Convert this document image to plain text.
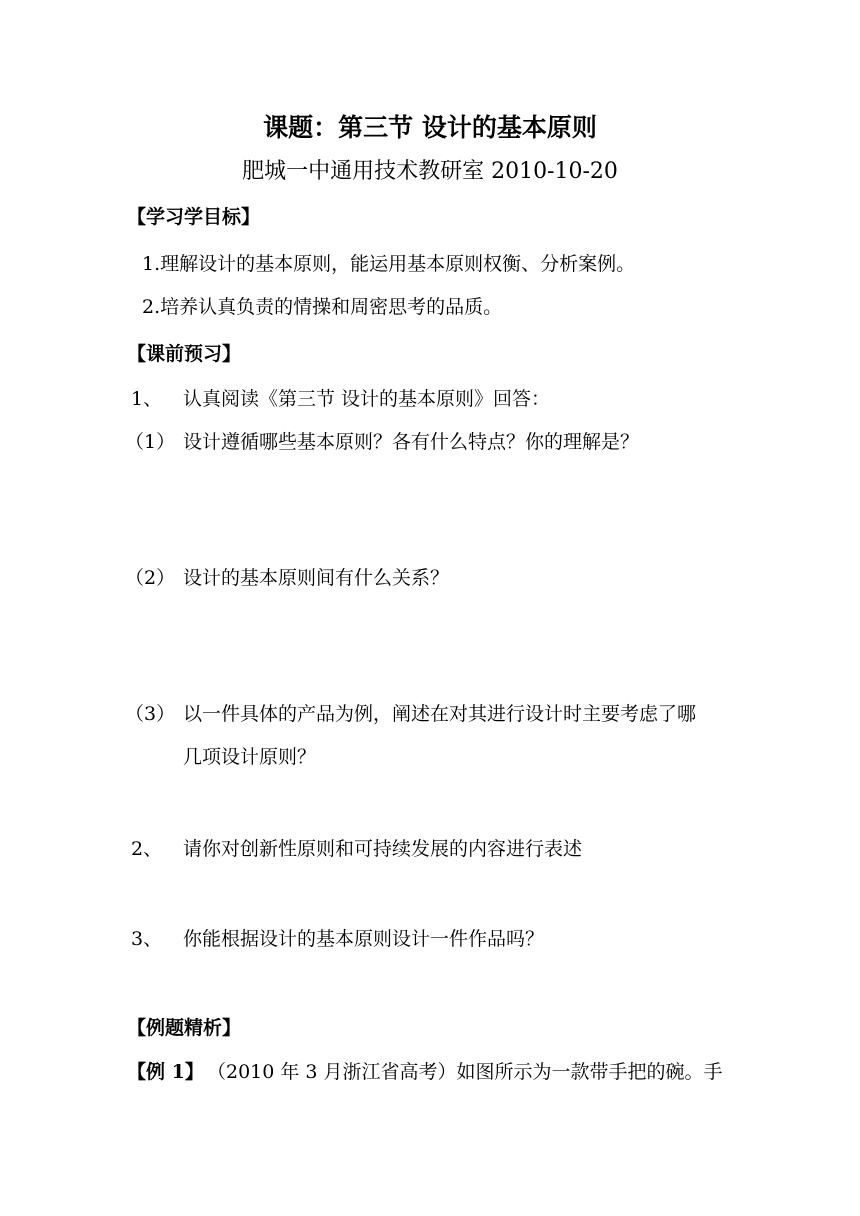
课题：第三节 设计的基本原则
肥城一中通用技术教研室 2010-10-20
【学习学目标】
1.理解设计的基本原则，能运用基本原则权衡、分析案例。
2.培养认真负责的情操和周密思考的品质。
【课前预习】
1、 认真阅读《第三节 设计的基本原则》回答：
（1） 设计遵循哪些基本原则？各有什么特点？你的理解是？
（2） 设计的基本原则间有什么关系？
（3） 以一件具体的产品为例，阐述在对其进行设计时主要考虑了哪
几项设计原则？
2、 请你对创新性原则和可持续发展的内容进行表述
3、 你能根据设计的基本原则设计一件作品吗？
【例题精析】
【例 1】 （2010 年 3 月浙江省高考）如图所示为一款带手把的碗。手
